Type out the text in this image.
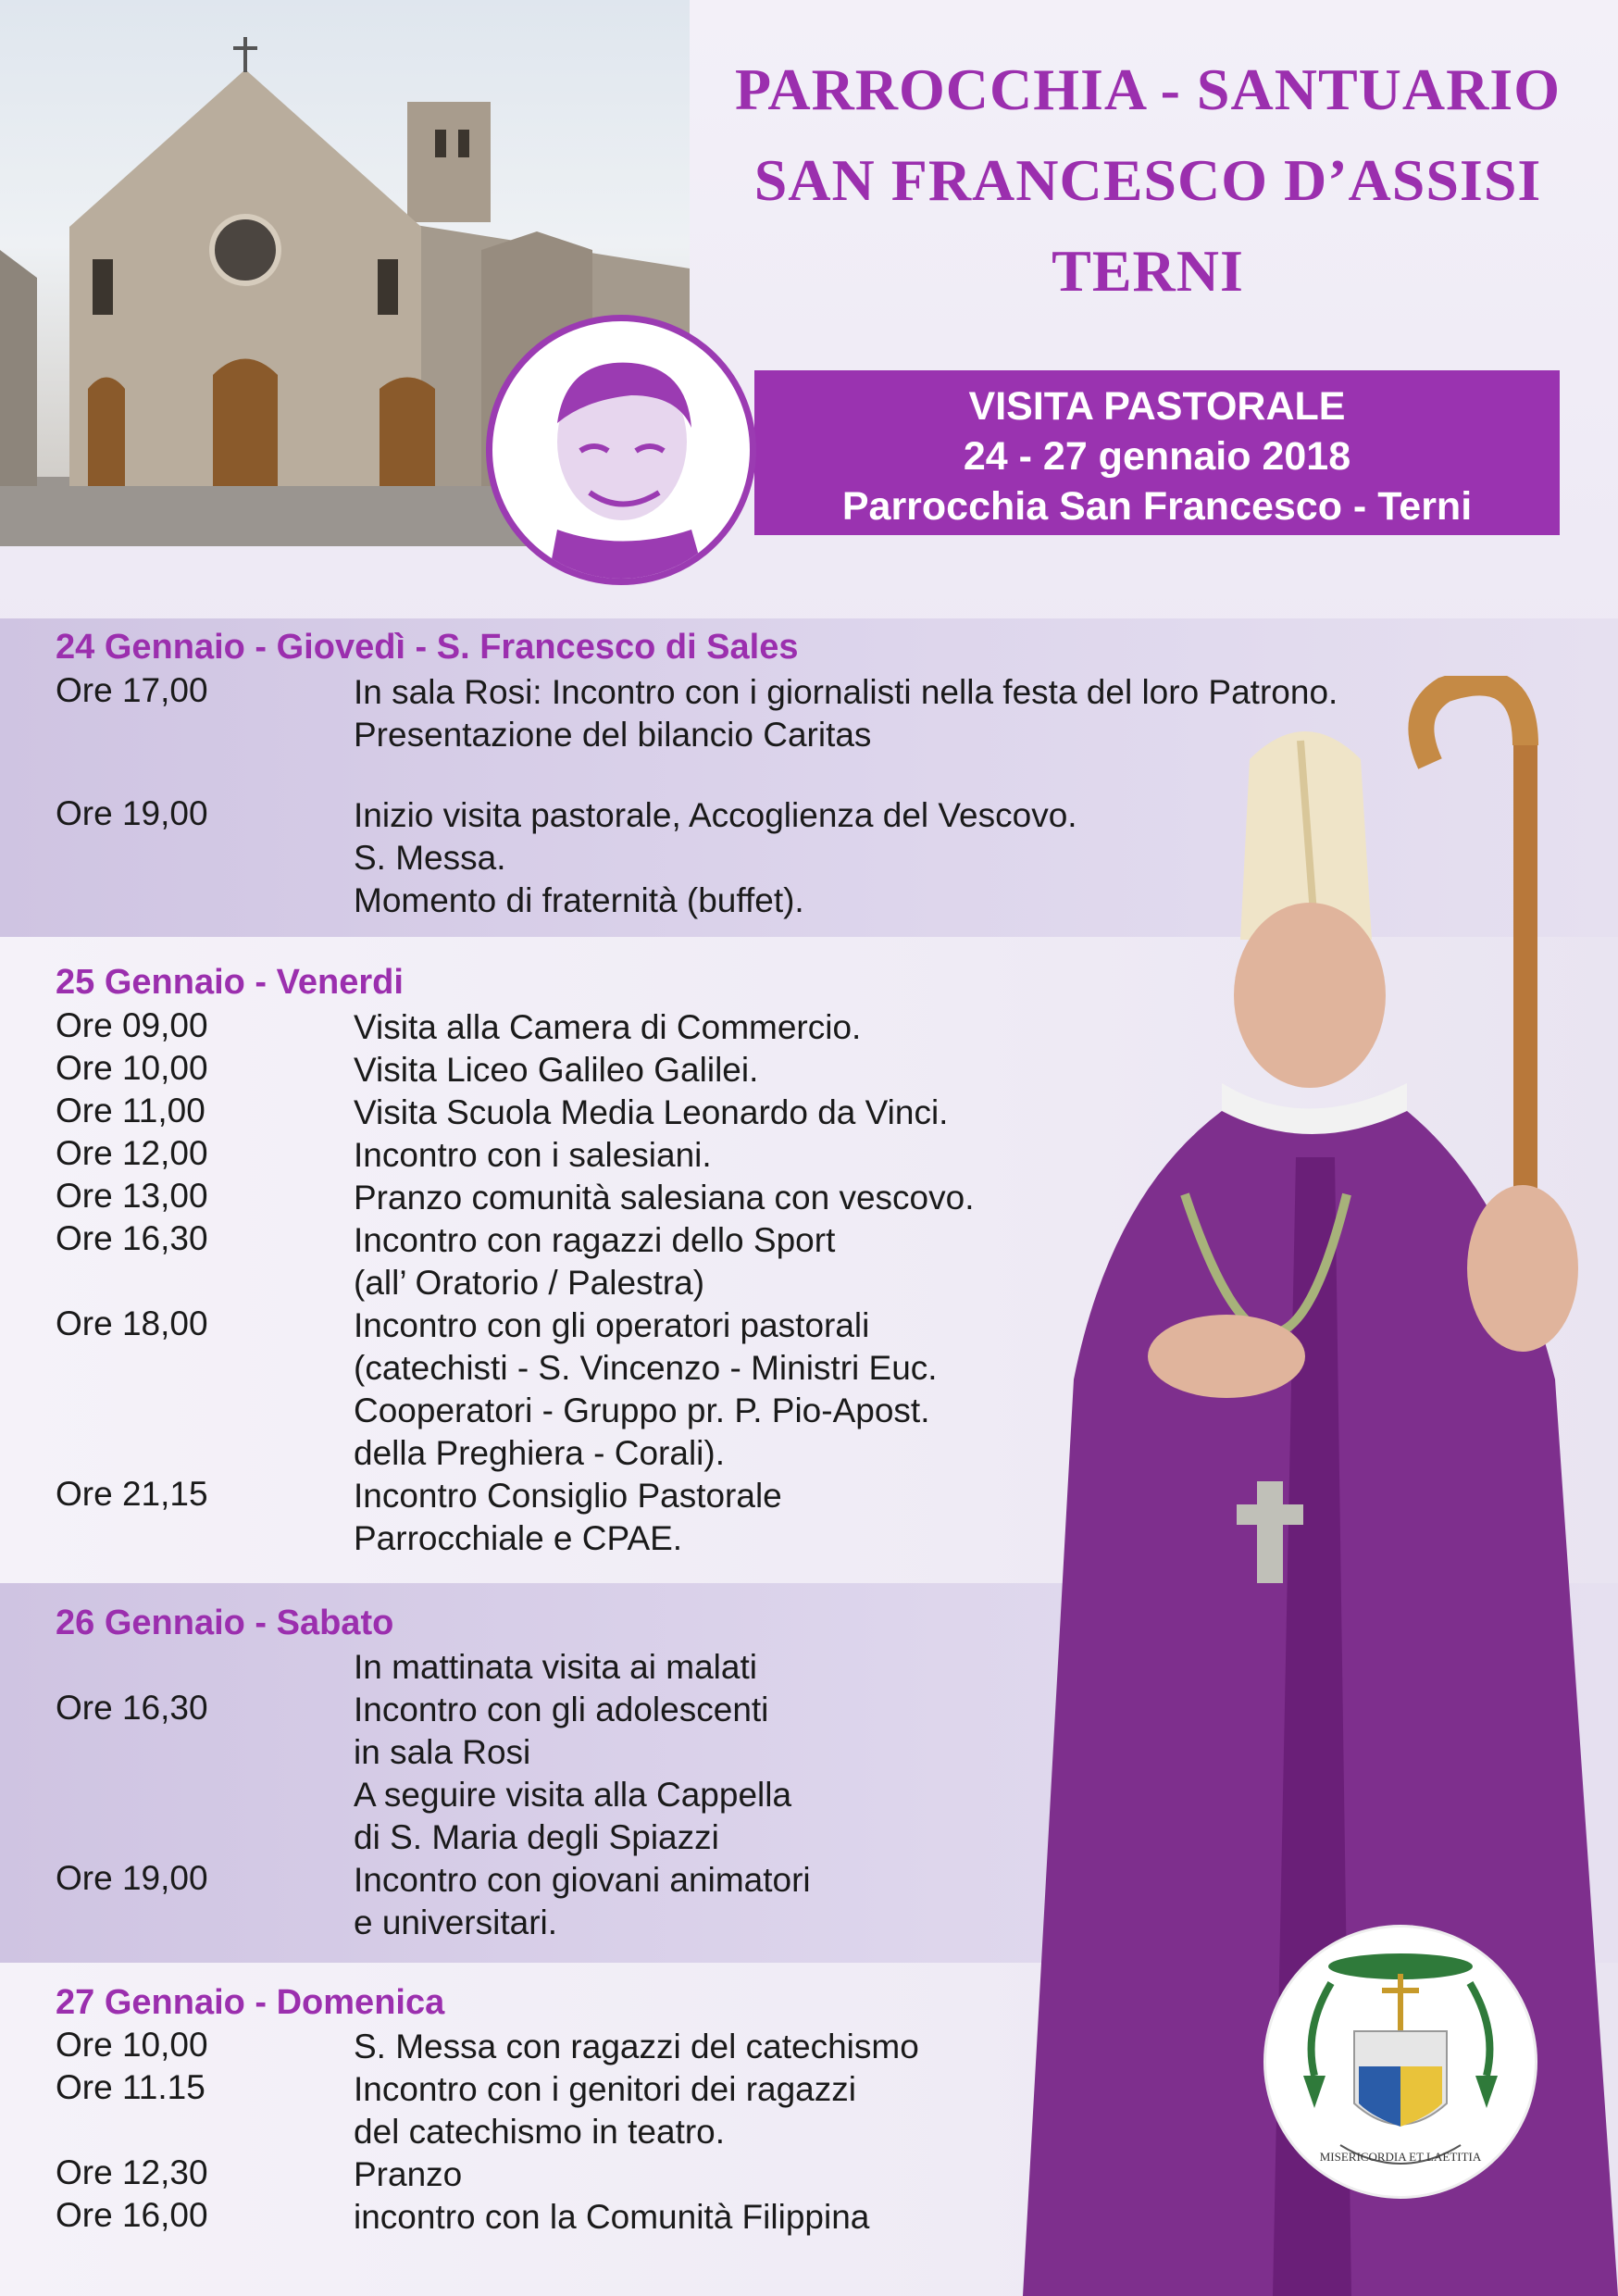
PARROCCHIA - SANTUARIO
SAN FRANCESCO D’ASSISI
TERNI
VISITA PASTORALE
24 - 27 gennaio 2018
Parrocchia San Francesco - Terni
24 Gennaio - Giovedì - S. Francesco di Sales
Ore 17,00	In sala Rosi: Incontro con i giornalisti nella festa del loro Patrono.
Presentazione del bilancio Caritas
Ore 19,00	Inizio visita pastorale, Accoglienza del Vescovo.
S. Messa.
Momento di fraternità (buffet).
25 Gennaio - Venerdi
Ore 09,00	Visita alla Camera di Commercio.
Ore 10,00	Visita Liceo Galileo Galilei.
Ore 11,00	Visita Scuola Media Leonardo da Vinci.
Ore 12,00	Incontro con i salesiani.
Ore 13,00	Pranzo comunità salesiana con vescovo.
Ore 16,30	Incontro con ragazzi dello Sport
(all’ Oratorio / Palestra)
Ore 18,00	Incontro con gli operatori pastorali
(catechisti - S. Vincenzo - Ministri Euc.
Cooperatori - Gruppo pr. P. Pio-Apost.
della Preghiera - Corali).
Ore 21,15	Incontro Consiglio Pastorale
Parrocchiale e CPAE.
26 Gennaio - Sabato
In mattinata visita ai malati
Ore 16,30	Incontro con gli adolescenti
in sala Rosi
A seguire visita alla Cappella
di S. Maria degli Spiazzi
Ore 19,00	Incontro con giovani animatori
e universitari.
27 Gennaio - Domenica
Ore 10,00	S. Messa con ragazzi del catechismo
Ore 11.15	Incontro con i genitori dei ragazzi
del catechismo in teatro.
Ore 12,30	Pranzo
Ore 16,00	incontro con la Comunità Filippina
MISERICORDIA ET LAETITIA
